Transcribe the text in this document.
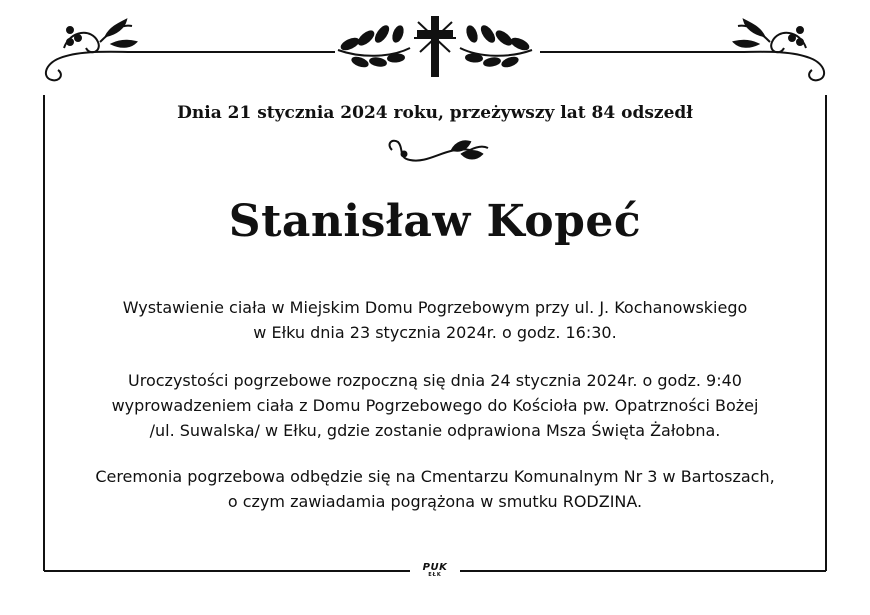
Dnia 21 stycznia 2024 roku, przeżywszy lat 84 odszedł
Stanisław Kopeć
Wystawienie ciała w Miejskim Domu Pogrzebowym przy ul. J. Kochanowskiego
w Ełku dnia 23 stycznia 2024r. o godz. 16:30.
Uroczystości pogrzebowe rozpoczną się dnia 24 stycznia 2024r. o godz. 9:40
wyprowadzeniem ciała z Domu Pogrzebowego do Kościoła pw. Opatrzności Bożej
/ul. Suwalska/ w Ełku, gdzie zostanie odprawiona Msza Święta Żałobna.
Ceremonia pogrzebowa odbędzie się na Cmentarzu Komunalnym Nr 3 w Bartoszach,
o czym zawiadamia pogrążona w smutku RODZINA.
PUK
EŁK
